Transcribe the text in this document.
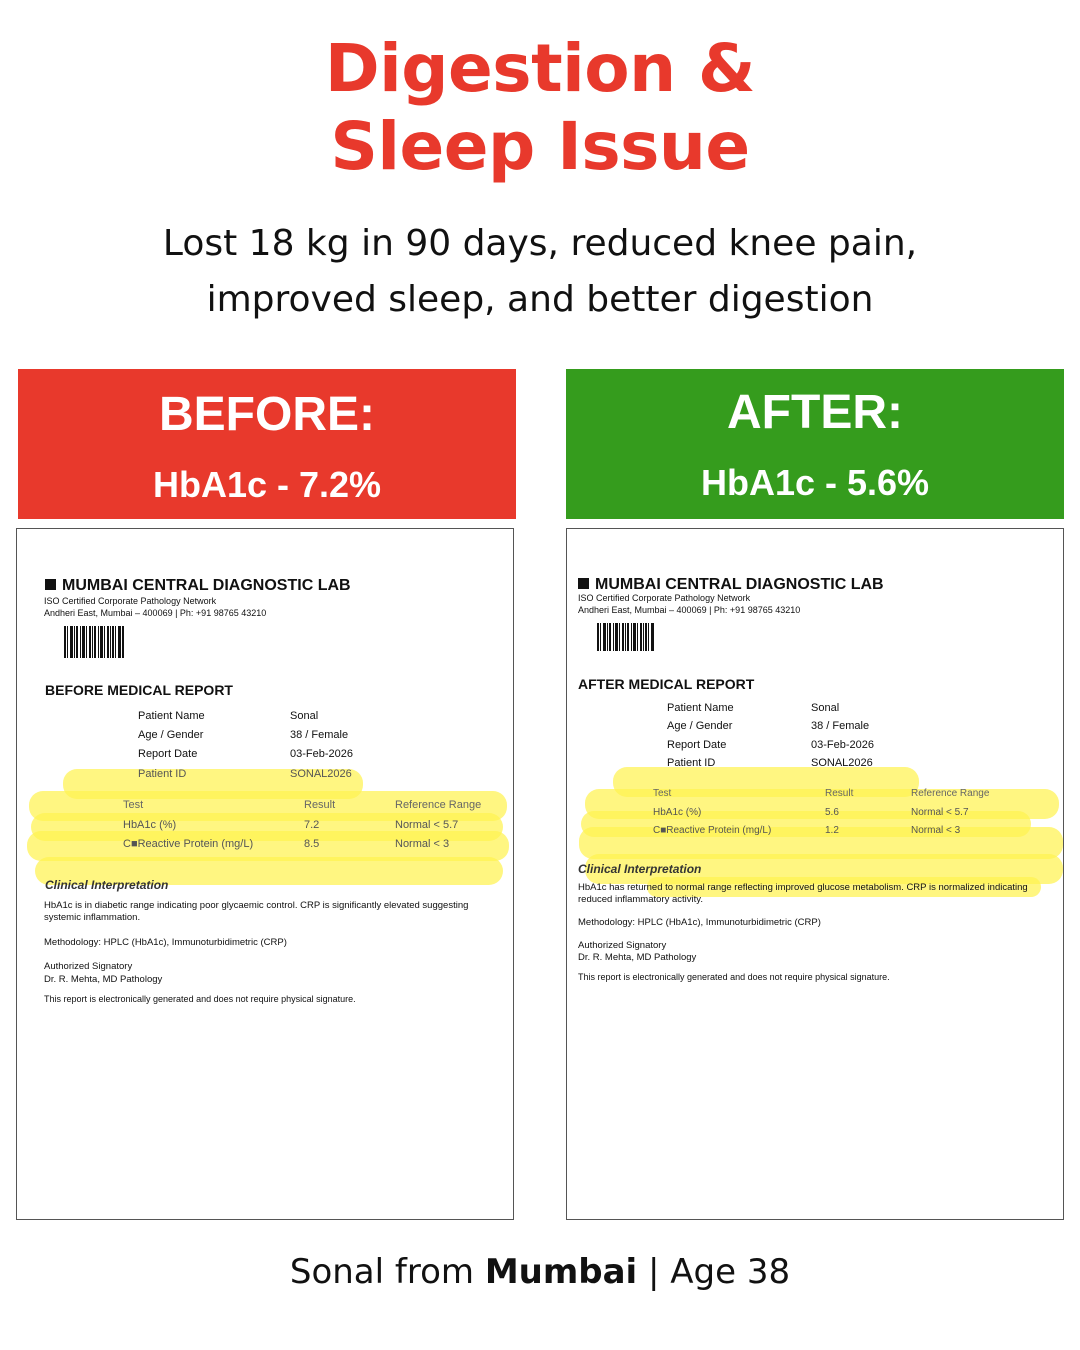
Digestion &
Sleep Issue
Lost 18 kg in 90 days, reduced knee pain,
improved sleep, and better digestion
BEFORE:
HbA1c - 7.2%
AFTER:
HbA1c - 5.6%
MUMBAI CENTRAL DIAGNOSTIC LAB
ISO Certified Corporate Pathology Network
Andheri East, Mumbai – 400069 | Ph: +91 98765 43210
BEFORE MEDICAL REPORT
Patient Name	Sonal
Age / Gender	38 / Female
Report Date	03-Feb-2026
Patient ID	SONAL2026
Test	Result	Reference Range
HbA1c (%)	7.2	Normal < 5.7
C■Reactive Protein (mg/L)	8.5	Normal < 3
Clinical Interpretation
HbA1c is in diabetic range indicating poor glycaemic control. CRP is significantly elevated suggesting
systemic inflammation.
Methodology: HPLC (HbA1c), Immunoturbidimetric (CRP)
Authorized Signatory
Dr. R. Mehta, MD Pathology
This report is electronically generated and does not require physical signature.
MUMBAI CENTRAL DIAGNOSTIC LAB
ISO Certified Corporate Pathology Network
Andheri East, Mumbai – 400069 | Ph: +91 98765 43210
AFTER MEDICAL REPORT
Patient Name	Sonal
Age / Gender	38 / Female
Report Date	03-Feb-2026
Patient ID	SONAL2026
Test	Result	Reference Range
HbA1c (%)	5.6	Normal < 5.7
C■Reactive Protein (mg/L)	1.2	Normal < 3
Clinical Interpretation
HbA1c has returned to normal range reflecting improved glucose metabolism. CRP is normalized indicating
reduced inflammatory activity.
Methodology: HPLC (HbA1c), Immunoturbidimetric (CRP)
Authorized Signatory
Dr. R. Mehta, MD Pathology
This report is electronically generated and does not require physical signature.
Sonal from Mumbai | Age 38
